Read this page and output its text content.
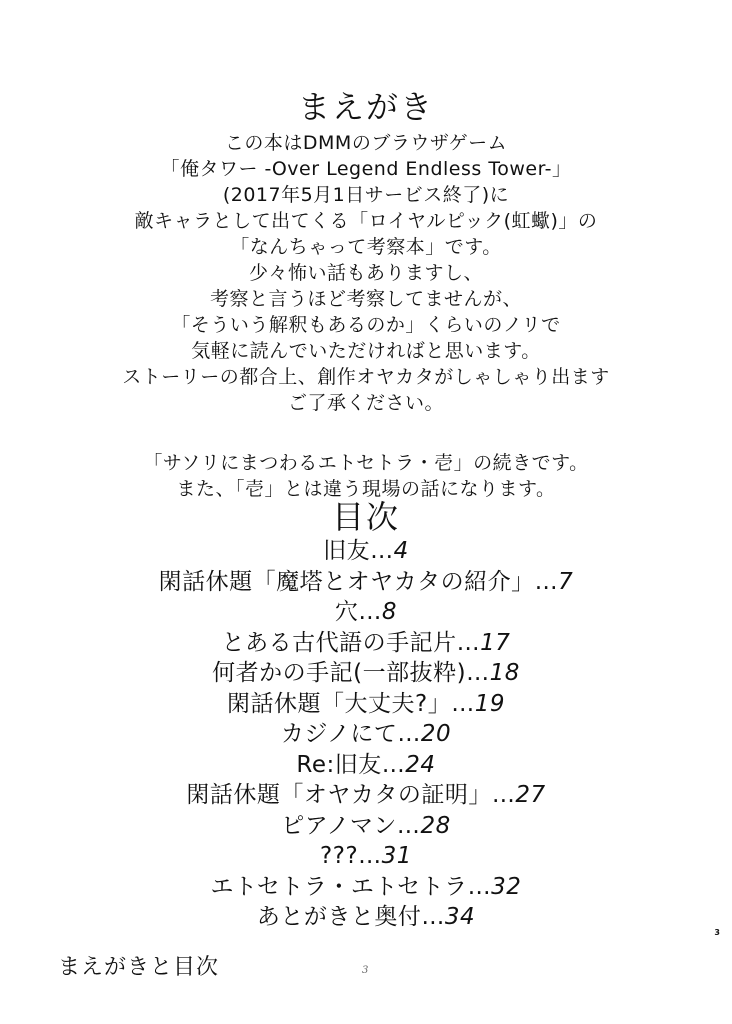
まえがき
この本はDMMのブラウザゲーム
「俺タワー -Over Legend Endless Tower-」
(2017年5月1日サービス終了)に
敵キャラとして出てくる「ロイヤルピック(虹蠍)」の
「なんちゃって考察本」です。
少々怖い話もありますし、
考察と言うほど考察してませんが、
「そういう解釈もあるのか」くらいのノリで
気軽に読んでいただければと思います。
ストーリーの都合上、創作オヤカタがしゃしゃり出ます
ご了承ください。
「サソリにまつわるエトセトラ・壱」の続きです。
また、「壱」とは違う現場の話になります。
目次
旧友…4
閑話休題「魔塔とオヤカタの紹介」…7
穴…8
とある古代語の手記片…17
何者かの手記(一部抜粋)…18
閑話休題「大丈夫?」…19
カジノにて…20
Re:旧友…24
閑話休題「オヤカタの証明」…27
ピアノマン…28
???…31
エトセトラ・エトセトラ…32
あとがきと奥付…34
3
まえがきと目次	3
